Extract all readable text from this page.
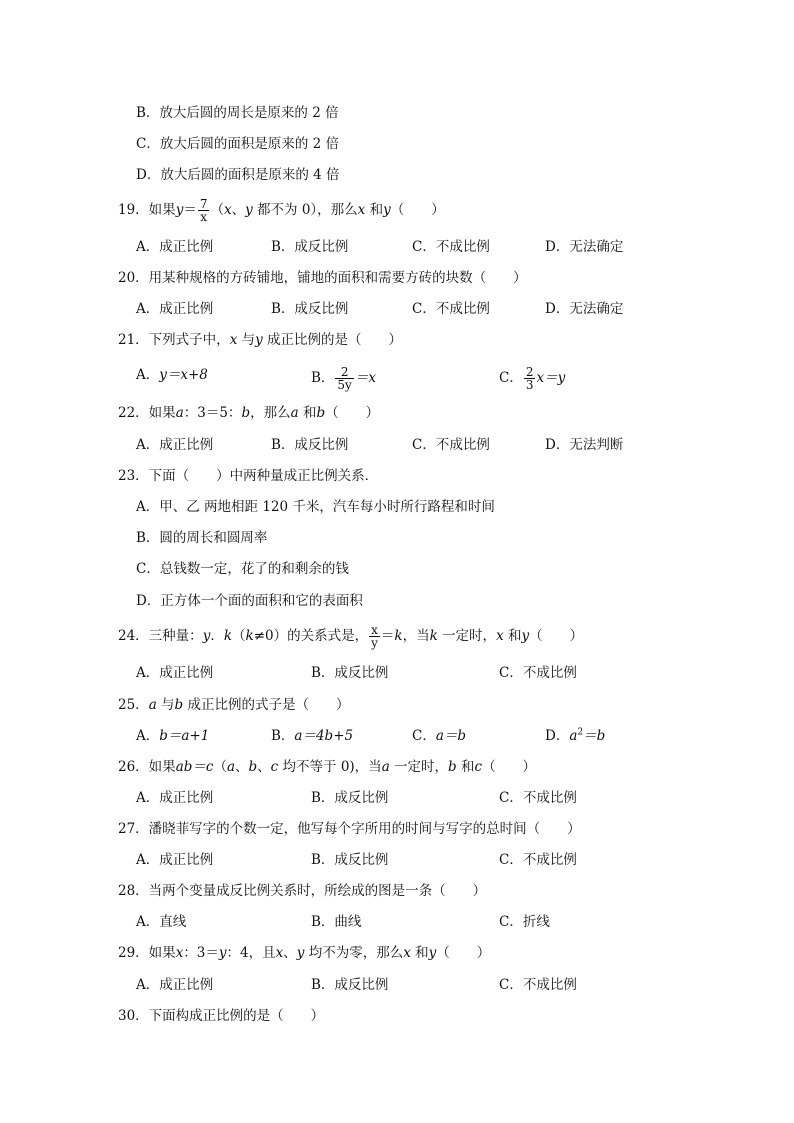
B．放大后圆的周长是原来的 2 倍
C．放大后圆的面积是原来的 2 倍
D．放大后圆的面积是原来的 4 倍
19．如果$y= \frac{7}{x} (x$、y 都不为 0），那么x 和y（　　）
A．成正比例	B．成反比例	C．不成比例	D．无法确定
20．用某种规格的方砖铺地，铺地的面积和需要方砖的块数（　　）
A．成正比例	B．成反比例	C．不成比例	D．无法确定
21．下列式子中，x 与y 成正比例的是（　　）
A．y＝x+8	B． $\frac{2}{5y} =x$	C． $\frac{2}{3} x=y$
22．如果a：3＝5：b，那么a 和b（　　）
A．成正比例	B．成反比例	C．不成比例	D．无法判断
23．下面（　　）中两种量成正比例关系．
A．甲、乙 两地相距 120 千米，汽车每小时所行路程和时间
B．圆的周长和圆周率
C．总钱数一定，花了的和剩余的钱
D．正方体一个面的面积和它的表面积
24．三种量：y．k（k≠0）的关系式是， $\frac{x}{y} =k$，当k 一定时，x 和y（　　）
A．成正比例	B．成反比例	C．不成比例
25．a 与b 成正比例的式子是（　　）
A．b＝a+1	B．a＝4b+5	C．a＝b	D．$a^2=b$
26．如果ab＝c（a、b、c 均不等于 0)，当a 一定时，b 和c（　　）
A．成正比例	B．成反比例	C．不成比例
27．潘晓菲写字的个数一定，他写每个字所用的时间与写字的总时间（　　）
A．成正比例	B．成反比例	C．不成比例
28．当两个变量成反比例关系时，所绘成的图是一条（　　）
A．直线	B．曲线	C．折线
29．如果x：3＝y：4，且x、y 均不为零，那么x 和y（　　）
A．成正比例	B．成反比例	C．不成比例
30．下面构成正比例的是（　　）
